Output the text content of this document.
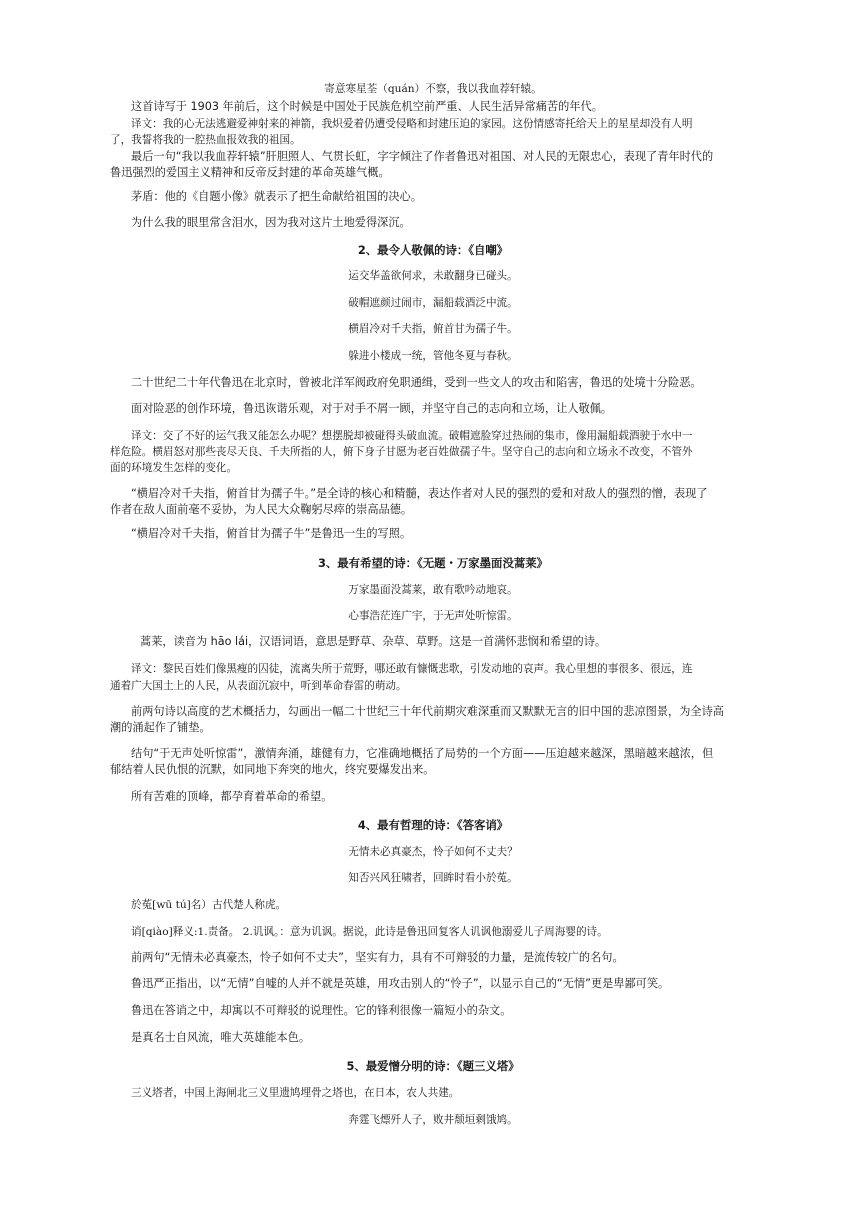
寄意寒星荃（quán）不察，我以我血荐轩辕。
这首诗写于 1903 年前后，这个时候是中国处于民族危机空前严重、人民生活异常痛苦的年代。
译文：我的心无法逃避爱神射来的神箭，我炽爱着仍遭受侵略和封建压迫的家园。这份情感寄托给天上的星星却没有人明
了，我誓将我的一腔热血报效我的祖国。
最后一句“我以我血荐轩辕”肝胆照人、气贯长虹，字字倾注了作者鲁迅对祖国、对人民的无限忠心，表现了青年时代的
鲁迅强烈的爱国主义精神和反帝反封建的革命英雄气概。
茅盾：他的《自题小像》就表示了把生命献给祖国的决心。
为什么我的眼里常含泪水，因为我对这片土地爱得深沉。
2、最令人敬佩的诗：《自嘲》
运交华盖欲何求，未敢翻身已碰头。
破帽遮颜过闹市，漏船载酒泛中流。
横眉冷对千夫指，俯首甘为孺子牛。
躲进小楼成一统，管他冬夏与春秋。
二十世纪二十年代鲁迅在北京时，曾被北洋军阀政府免职通缉，受到一些文人的攻击和陷害，鲁迅的处境十分险恶。
面对险恶的创作环境，鲁迅诙谐乐观，对于对手不屑一顾，并坚守自己的志向和立场，让人敬佩。
译文：交了不好的运气我又能怎么办呢？想摆脱却被碰得头破血流。破帽遮脸穿过热闹的集市，像用漏船载酒驶于水中一
样危险。横眉怒对那些丧尽天良、千夫所指的人，俯下身子甘愿为老百姓做孺子牛。坚守自己的志向和立场永不改变，不管外
面的环境发生怎样的变化。
“横眉冷对千夫指，俯首甘为孺子牛。”是全诗的核心和精髓，表达作者对人民的强烈的爱和对敌人的强烈的憎，表现了
作者在敌人面前毫不妥协，为人民大众鞠躬尽瘁的崇高品德。
“横眉冷对千夫指，俯首甘为孺子牛”是鲁迅一生的写照。
3、最有希望的诗：《无题・万家墨面没蒿莱》
万家墨面没蒿莱，敢有歌吟动地哀。
心事浩茫连广宇，于无声处听惊雷。
蒿莱，读音为 hāo lái，汉语词语，意思是野草、杂草、草野。这是一首满怀悲悯和希望的诗。
译文：黎民百姓们像黑瘦的囚徒，流离失所于荒野，哪还敢有慷慨悲歌，引发动地的哀声。我心里想的事很多、很远，连
通着广大国土上的人民，从表面沉寂中，听到革命春雷的萌动。
前两句诗以高度的艺术概括力，勾画出一幅二十世纪三十年代前期灾难深重而又默默无言的旧中国的悲凉图景，为全诗高
潮的涌起作了铺垫。
结句“于无声处听惊雷”，激情奔涌，雄健有力，它准确地概括了局势的一个方面——压迫越来越深，黑暗越来越浓，但
郁结着人民仇恨的沉默，如同地下奔突的地火，终究要爆发出来。
所有苦难的顶峰，都孕育着革命的希望。
4、最有哲理的诗：《答客诮》
无情未必真豪杰，怜子如何不丈夫？
知否兴风狂啸者，回眸时看小於菟。
於菟[wū tú]名）古代楚人称虎。
诮[qiào]释义:1.责备。 2.讥讽。：意为讥讽。据说，此诗是鲁迅回复客人讥讽他溺爱儿子周海婴的诗。
前两句“无情未必真豪杰，怜子如何不丈夫”，坚实有力，具有不可辩驳的力量，是流传较广的名句。
鲁迅严正指出，以“无情”自嘘的人并不就是英雄，用攻击别人的“怜子”，以显示自己的“无情”更是卑鄙可笑。
鲁迅在答诮之中，却寓以不可辩驳的说理性。它的锋利很像一篇短小的杂文。
是真名士自风流，唯大英雄能本色。
5、最爱憎分明的诗：《题三义塔》
三义塔者，中国上海闸北三义里遗鸠埋骨之塔也，在日本，农人共建。
奔霆飞熛歼人子，败井颓垣剩饿鸠。
